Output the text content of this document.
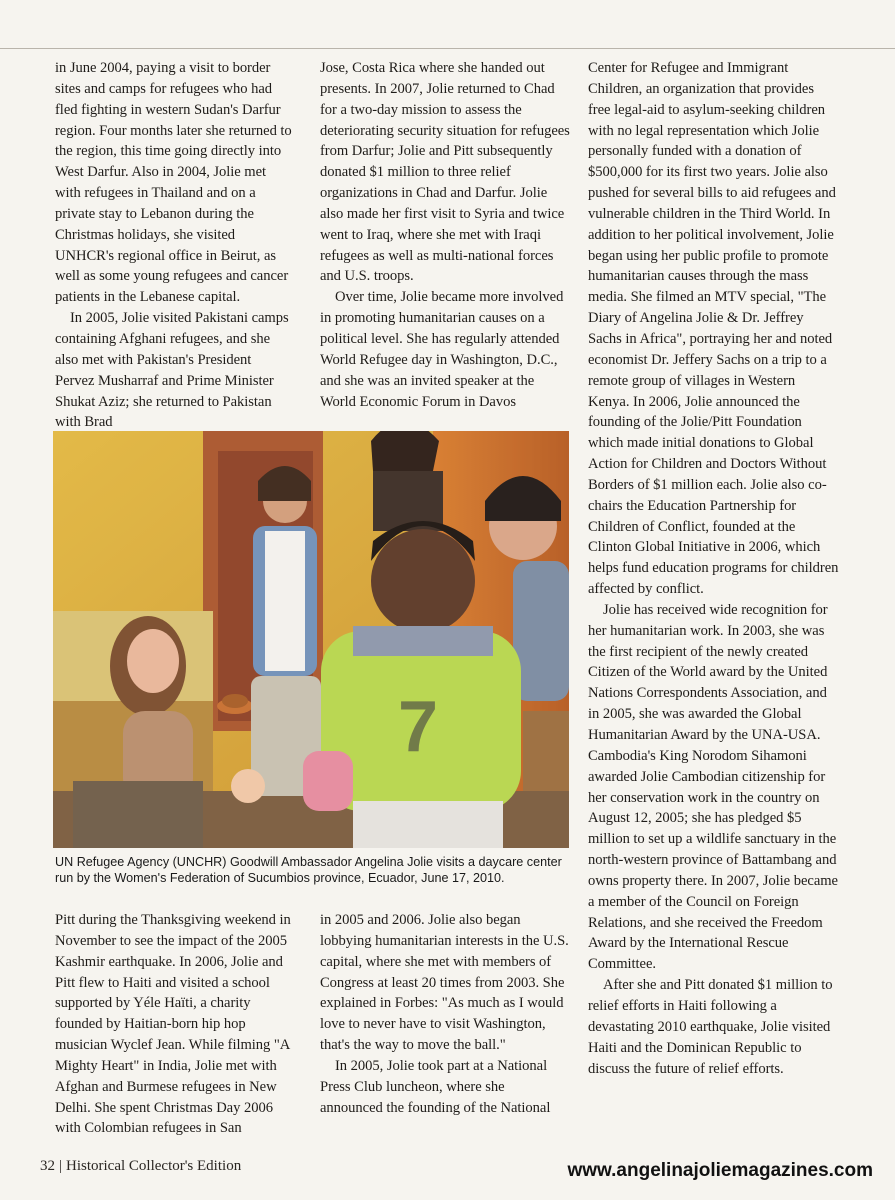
in June 2004, paying a visit to border sites and camps for refugees who had fled fighting in western Sudan's Darfur region. Four months later she returned to the region, this time going directly into West Darfur. Also in 2004, Jolie met with refugees in Thailand and on a private stay to Lebanon during the Christmas holidays, she visited UNHCR's regional office in Beirut, as well as some young refugees and cancer patients in the Lebanese capital.

In 2005, Jolie visited Pakistani camps containing Afghani refugees, and she also met with Pakistan's President Pervez Musharraf and Prime Minister Shukat Aziz; she returned to Pakistan with Brad

Jose, Costa Rica where she handed out presents. In 2007, Jolie returned to Chad for a two-day mission to assess the deteriorating security situation for refugees from Darfur; Jolie and Pitt subsequently donated $1 million to three relief organizations in Chad and Darfur. Jolie also made her first visit to Syria and twice went to Iraq, where she met with Iraqi refugees as well as multi-national forces and U.S. troops.

Over time, Jolie became more involved in promoting humanitarian causes on a political level. She has regularly attended World Refugee day in Washington, D.C., and she was an invited speaker at the World Economic Forum in Davos

Center for Refugee and Immigrant Children, an organization that provides free legal-aid to asylum-seeking children with no legal representation which Jolie personally funded with a donation of $500,000 for its first two years. Jolie also pushed for several bills to aid refugees and vulnerable children in the Third World. In addition to her political involvement, Jolie began using her public profile to promote humanitarian causes through the mass media. She filmed an MTV special, "The Diary of Angelina Jolie & Dr. Jeffrey Sachs in Africa", portraying her and noted economist Dr. Jeffery Sachs on a trip to a remote group of villages in Western Kenya. In 2006, Jolie announced the founding of the Jolie/Pitt Foundation which made initial donations to Global Action for Children and Doctors Without Borders of $1 million each. Jolie also co-chairs the Education Partnership for Children of Conflict, founded at the Clinton Global Initiative in 2006, which helps fund education programs for children affected by conflict.

Jolie has received wide recognition for her humanitarian work. In 2003, she was the first recipient of the newly created Citizen of the World award by the United Nations Correspondents Association, and in 2005, she was awarded the Global Humanitarian Award by the UNA-USA. Cambodia's King Norodom Sihamoni awarded Jolie Cambodian citizenship for her conservation work in the country on August 12, 2005; she has pledged $5 million to set up a wildlife sanctuary in the north-western province of Battambang and owns property there. In 2007, Jolie became a member of the Council on Foreign Relations, and she received the Freedom Award by the International Rescue Committee.

After she and Pitt donated $1 million to relief efforts in Haiti following a devastating 2010 earthquake, Jolie visited Haiti and the Dominican Republic to discuss the future of relief efforts.

7
UN Refugee Agency (UNCHR) Goodwill Ambassador Angelina Jolie visits a daycare center run by the Women's Federation of Sucumbios province, Ecuador, June 17, 2010.

Pitt during the Thanksgiving weekend in November to see the impact of the 2005 Kashmir earthquake. In 2006, Jolie and Pitt flew to Haiti and visited a school supported by Yéle Haïti, a charity founded by Haitian-born hip hop musician Wyclef Jean. While filming "A Mighty Heart" in India, Jolie met with Afghan and Burmese refugees in New Delhi. She spent Christmas Day 2006 with Colombian refugees in San

in 2005 and 2006. Jolie also began lobbying humanitarian interests in the U.S. capital, where she met with members of Congress at least 20 times from 2003. She explained in Forbes: "As much as I would love to never have to visit Washington, that's the way to move the ball."

In 2005, Jolie took part at a National Press Club luncheon, where she announced the founding of the National

32 | Historical Collector's Edition	www.angelinajoliemagazines.com
